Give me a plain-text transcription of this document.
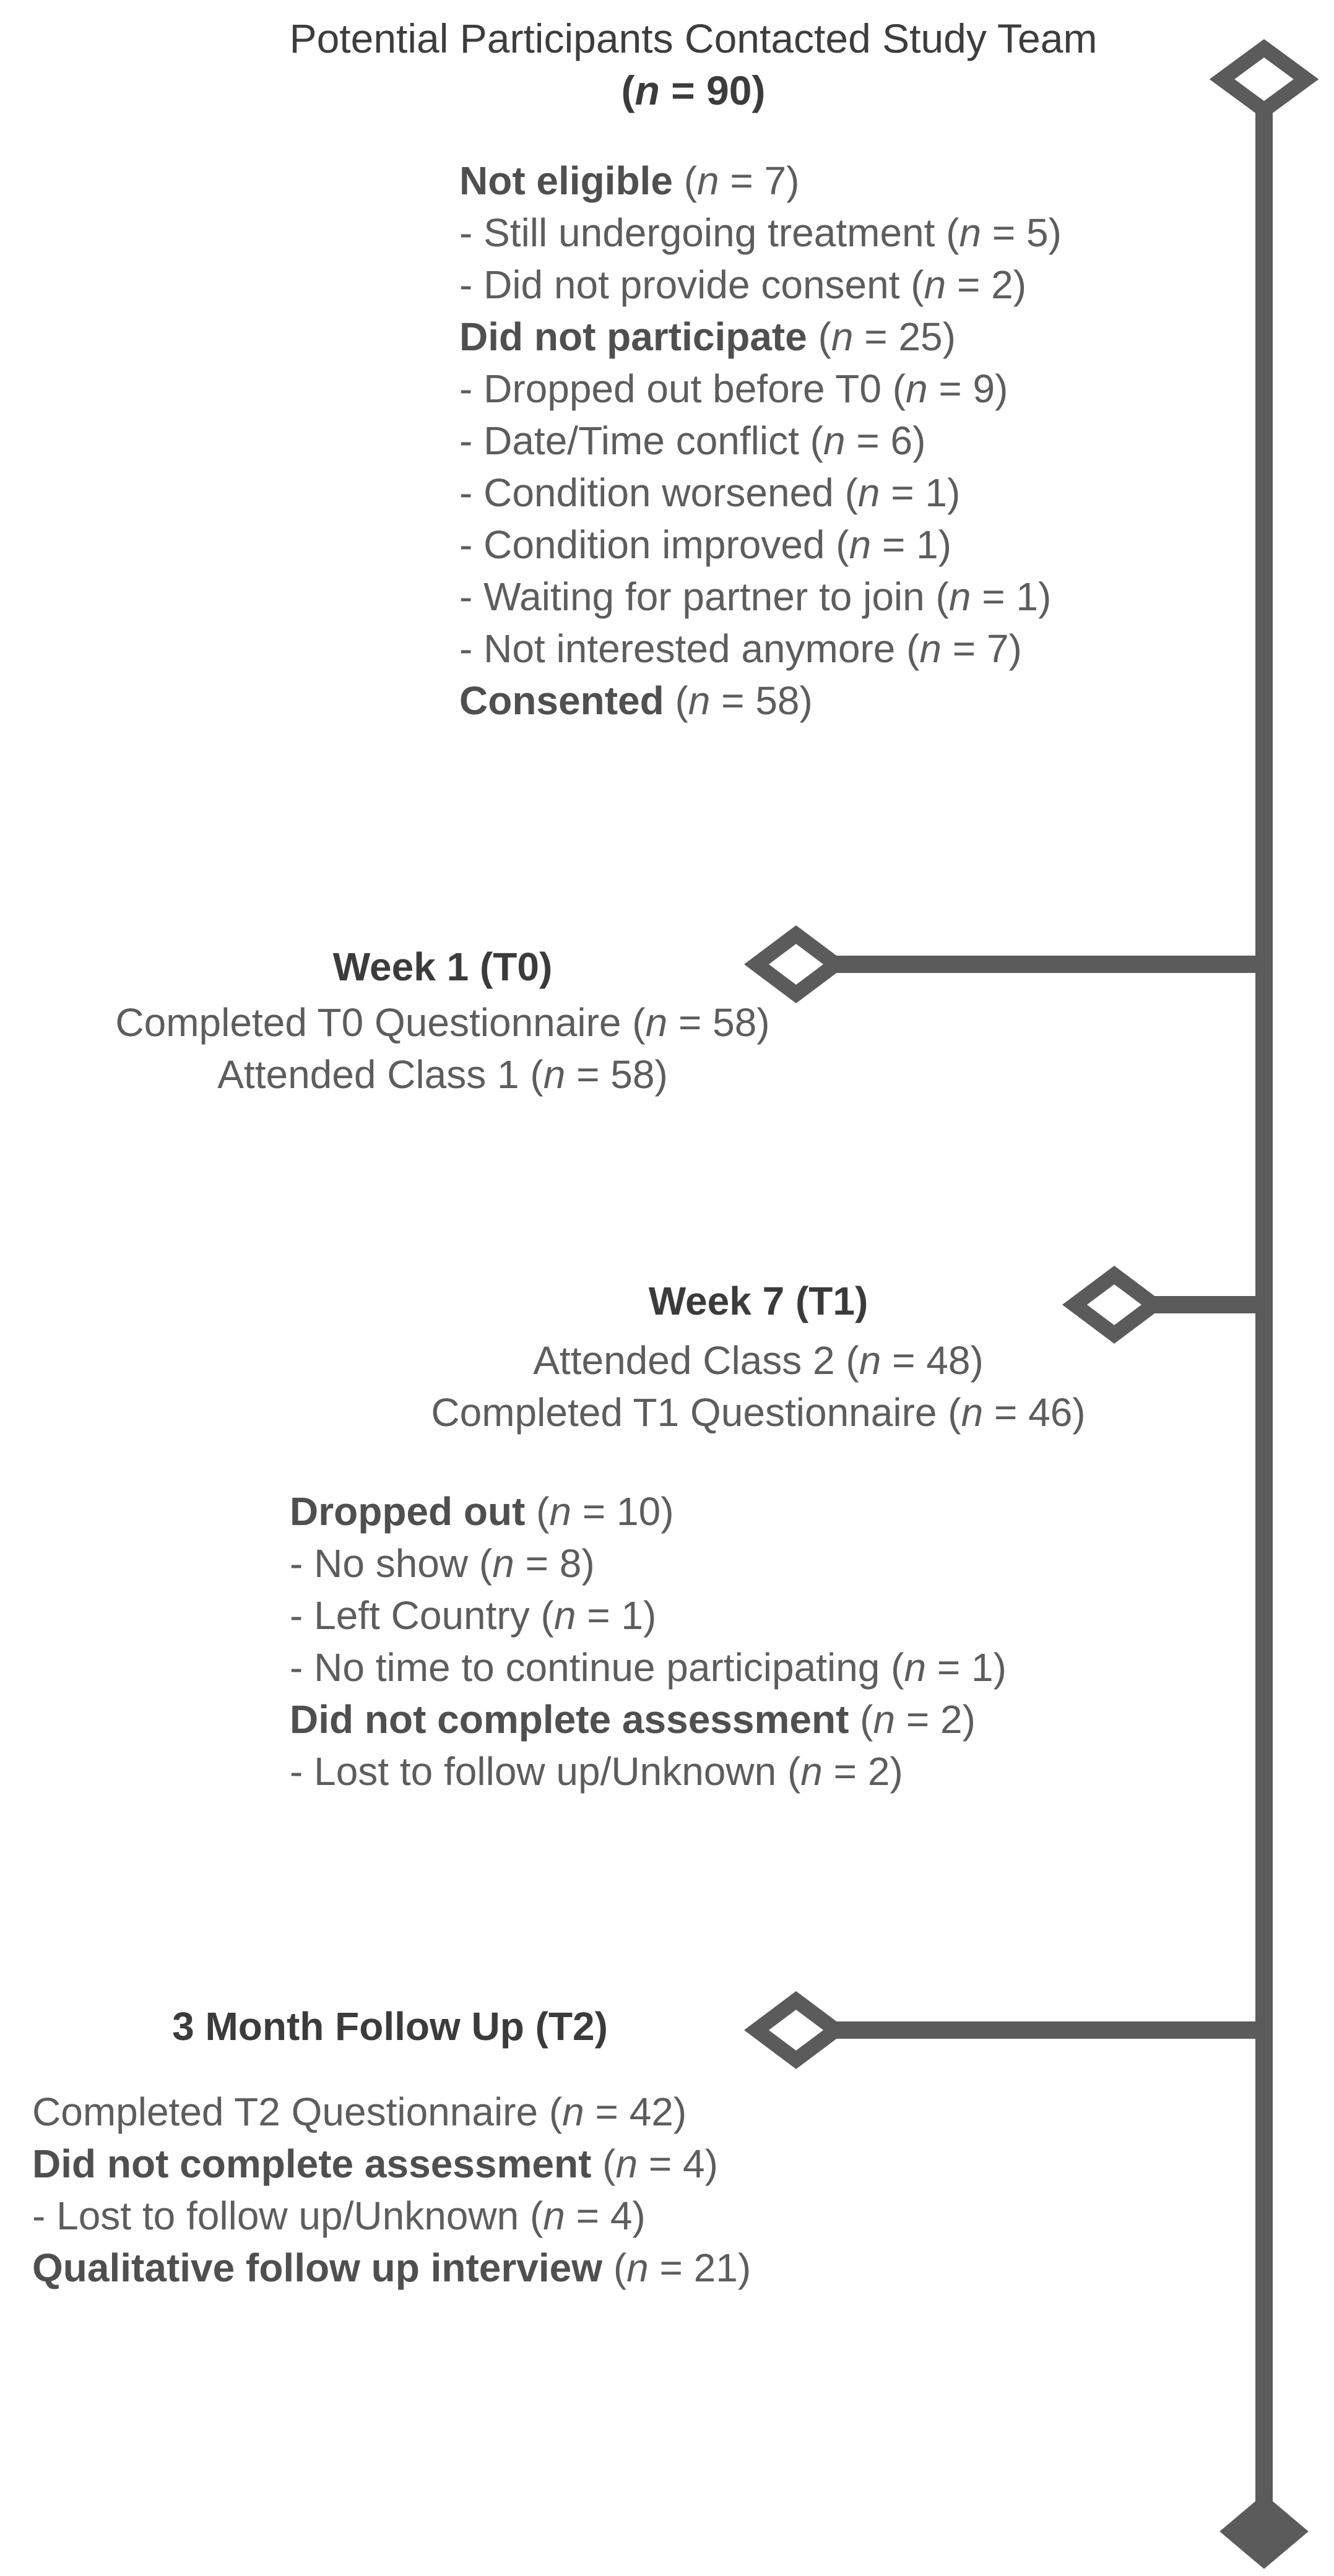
Potential Participants Contacted Study Team
(n = 90)
Not eligible (n = 7)
- Still undergoing treatment (n = 5)
- Did not provide consent (n = 2)
Did not participate (n = 25)
- Dropped out before T0 (n = 9)
- Date/Time conflict (n = 6)
- Condition worsened (n = 1)
- Condition improved (n = 1)
- Waiting for partner to join (n = 1)
- Not interested anymore (n = 7)
Consented (n = 58)
Week 1 (T0)
Completed T0 Questionnaire (n = 58)
Attended Class 1 (n = 58)
Week 7 (T1)
Attended Class 2 (n = 48)
Completed T1 Questionnaire (n = 46)
Dropped out (n = 10)
- No show (n = 8)
- Left Country (n = 1)
- No time to continue participating (n = 1)
Did not complete assessment (n = 2)
- Lost to follow up/Unknown (n = 2)
3 Month Follow Up (T2)
Completed T2 Questionnaire (n = 42)
Did not complete assessment (n = 4)
- Lost to follow up/Unknown (n = 4)
Qualitative follow up interview (n = 21)
